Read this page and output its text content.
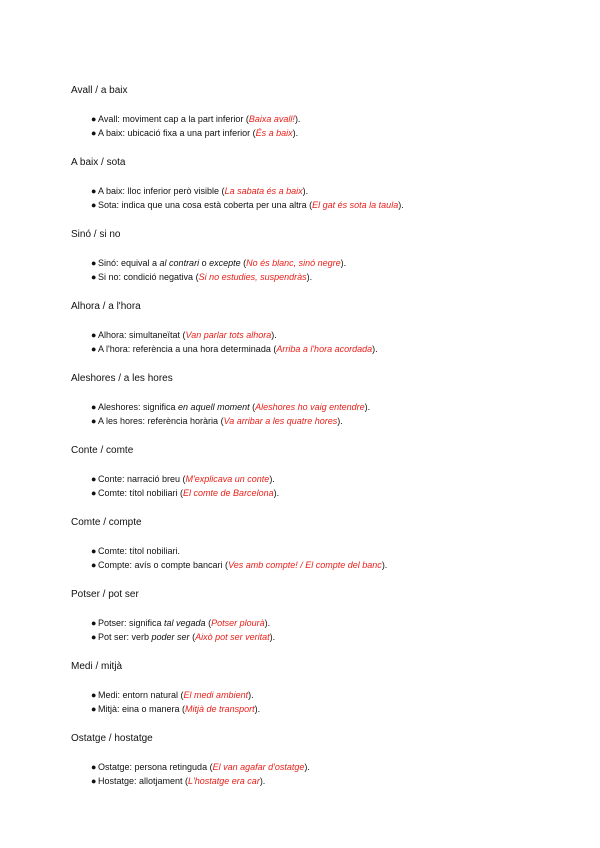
Avall / a baix
● Avall: moviment cap a la part inferior (Baixa avall!).
● A baix: ubicació fixa a una part inferior (És a baix).
A baix / sota
● A baix: lloc inferior però visible (La sabata és a baix).
● Sota: indica que una cosa està coberta per una altra (El gat és sota la taula).
Sinó / si no
● Sinó: equival a al contrari o excepte (No és blanc, sinó negre).
● Si no: condició negativa (Si no estudies, suspendràs).
Alhora / a l'hora
● Alhora: simultaneïtat (Van parlar tots alhora).
● A l'hora: referència a una hora determinada (Arriba a l'hora acordada).
Aleshores / a les hores
● Aleshores: significa en aquell moment (Aleshores ho vaig entendre).
● A les hores: referència horària (Va arribar a les quatre hores).
Conte / comte
● Conte: narració breu (M'explicava un conte).
● Comte: títol nobiliari (El comte de Barcelona).
Comte / compte
● Comte: títol nobiliari.
● Compte: avís o compte bancari (Ves amb compte! / El compte del banc).
Potser / pot ser
● Potser: significa tal vegada (Potser plourà).
● Pot ser: verb poder ser (Això pot ser veritat).
Medi / mitjà
● Medi: entorn natural (El medi ambient).
● Mitjà: eina o manera (Mitjà de transport).
Ostatge / hostatge
● Ostatge: persona retinguda (El van agafar d'ostatge).
● Hostatge: allotjament (L'hostatge era car).
